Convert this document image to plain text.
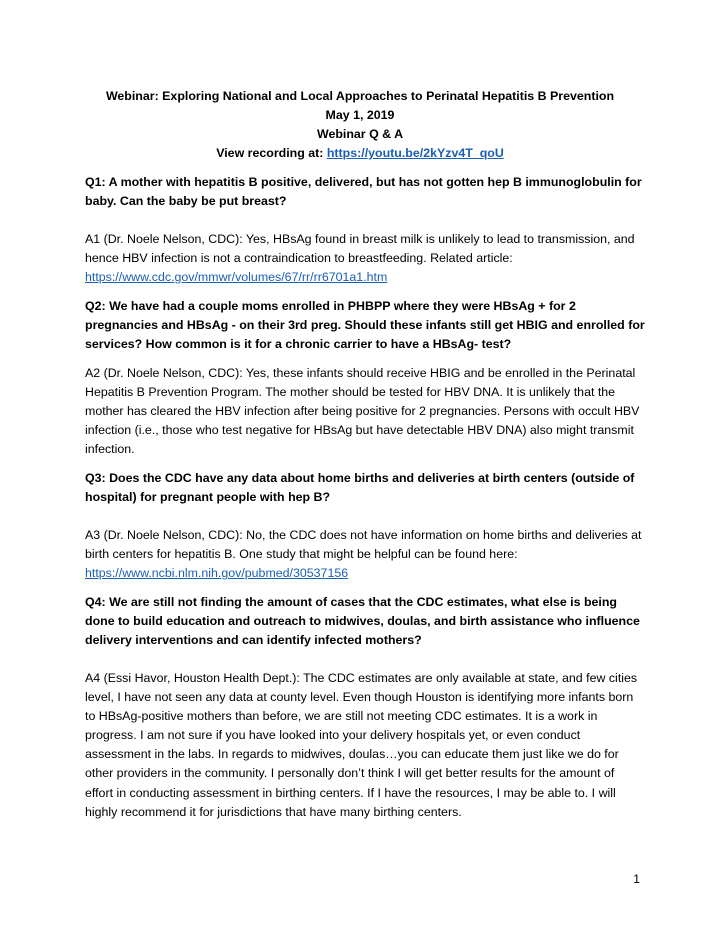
Webinar: Exploring National and Local Approaches to Perinatal Hepatitis B Prevention
May 1, 2019
Webinar Q & A
View recording at: https://youtu.be/2kYzv4T_qoU
Q1: A mother with hepatitis B positive, delivered, but has not gotten hep B immunoglobulin for baby. Can the baby be put breast?
A1 (Dr. Noele Nelson, CDC): Yes, HBsAg found in breast milk is unlikely to lead to transmission, and hence HBV infection is not a contraindication to breastfeeding. Related article:
https://www.cdc.gov/mmwr/volumes/67/rr/rr6701a1.htm
Q2: We have had a couple moms enrolled in PHBPP where they were HBsAg + for 2 pregnancies and HBsAg - on their 3rd preg. Should these infants still get HBIG and enrolled for services? How common is it for a chronic carrier to have a HBsAg- test?
A2 (Dr. Noele Nelson, CDC): Yes, these infants should receive HBIG and be enrolled in the Perinatal Hepatitis B Prevention Program. The mother should be tested for HBV DNA. It is unlikely that the mother has cleared the HBV infection after being positive for 2 pregnancies. Persons with occult HBV infection (i.e., those who test negative for HBsAg but have detectable HBV DNA) also might transmit infection.
Q3: Does the CDC have any data about home births and deliveries at birth centers (outside of hospital) for pregnant people with hep B?
A3 (Dr. Noele Nelson, CDC): No, the CDC does not have information on home births and deliveries at birth centers for hepatitis B. One study that might be helpful can be found here:
https://www.ncbi.nlm.nih.gov/pubmed/30537156
Q4: We are still not finding the amount of cases that the CDC estimates, what else is being done to build education and outreach to midwives, doulas, and birth assistance who influence delivery interventions and can identify infected mothers?
A4 (Essi Havor, Houston Health Dept.): The CDC estimates are only available at state, and few cities level, I have not seen any data at county level. Even though Houston is identifying more infants born to HBsAg-positive mothers than before, we are still not meeting CDC estimates. It is a work in progress. I am not sure if you have looked into your delivery hospitals yet, or even conduct assessment in the labs. In regards to midwives, doulas…you can educate them just like we do for other providers in the community. I personally don’t think I will get better results for the amount of effort in conducting assessment in birthing centers. If I have the resources, I may be able to. I will highly recommend it for jurisdictions that have many birthing centers.
1
